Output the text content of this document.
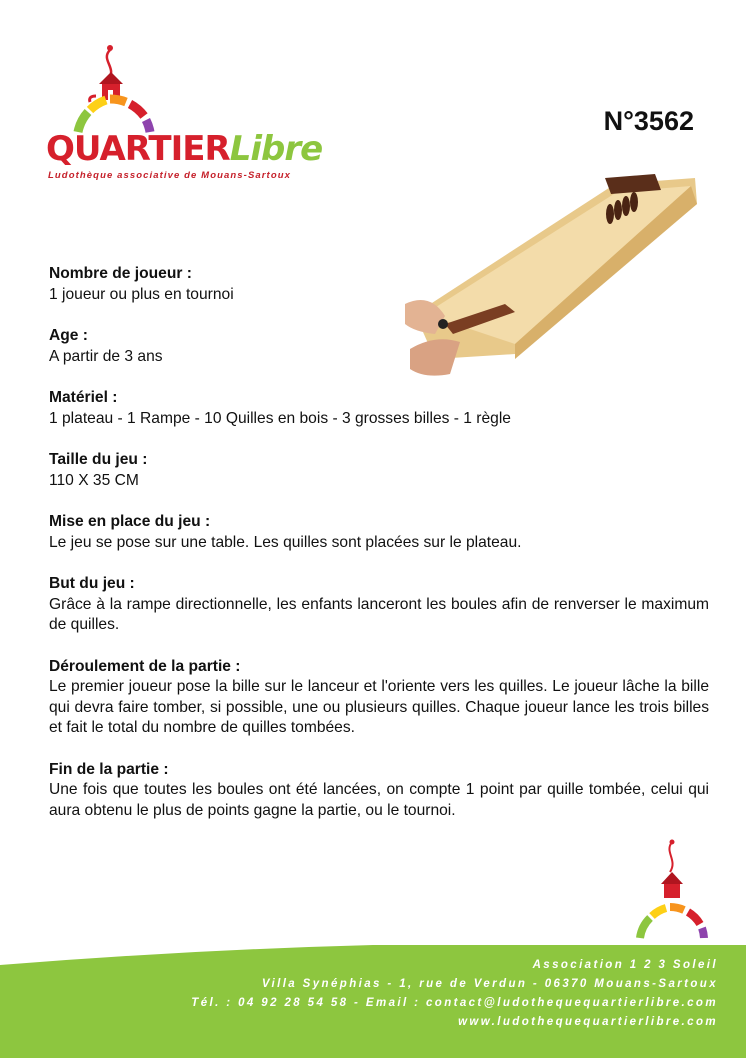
QUARTIERLibre
Ludothèque associative de Mouans-Sartoux
N°3562
Nombre de joueur :

1 joueur ou plus en tournoi

Age :

A partir de 3 ans

Matériel :

1 plateau - 1 Rampe - 10 Quilles en bois - 3 grosses billes - 1 règle

Taille du jeu :

110 X 35 CM

Mise en place du jeu :

Le jeu se pose sur une table. Les quilles sont placées sur le plateau.

But du jeu :

Grâce à la rampe directionnelle, les enfants lanceront les boules afin de renverser le maximum de quilles.

Déroulement de la partie :

Le premier joueur pose la bille sur le lanceur et l'oriente vers les quilles. Le joueur lâche la bille qui devra faire tomber, si possible, une ou plusieurs quilles. Chaque joueur lance les trois billes et fait le total du nombre de quilles tombées.

Fin de la partie :

Une fois que toutes les boules ont été lancées, on compte 1 point par quille tombée, celui qui aura obtenu le plus de points gagne la partie, ou le tournoi.

Association 1 2 3 Soleil
Villa Synéphias - 1, rue de Verdun - 06370 Mouans-Sartoux
Tél. : 04 92 28 54 58 - Email : contact@ludothequequartierlibre.com
www.ludothequequartierlibre.com
